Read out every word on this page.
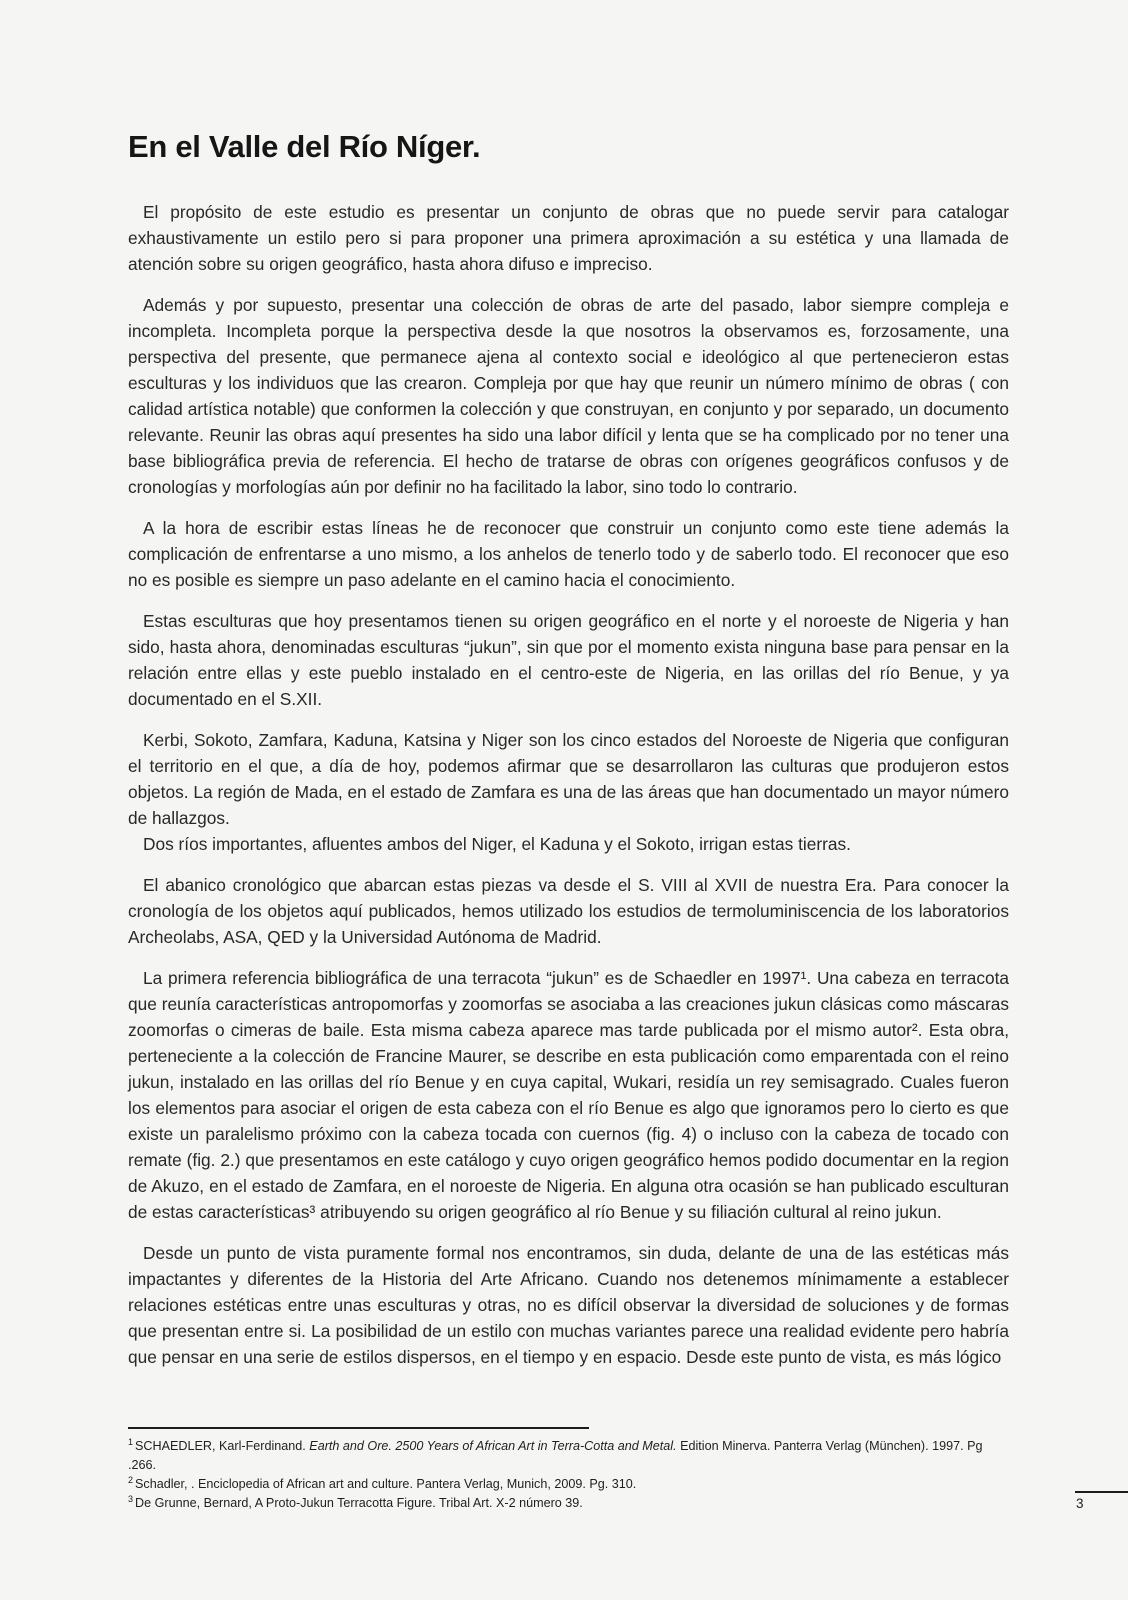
En el Valle del Río Níger.

El propósito de este estudio es presentar un conjunto de obras que no puede servir para catalogar exhaustivamente un estilo pero si para proponer una primera aproximación a su estética y una llamada de atención sobre su origen geográfico, hasta ahora difuso e impreciso.

Además y por supuesto, presentar una colección de obras de arte del pasado, labor siempre compleja e incompleta. Incompleta porque la perspectiva desde la que nosotros la observamos es, forzosamente, una perspectiva del presente, que permanece ajena al contexto social e ideológico al que pertenecieron estas esculturas y los individuos que las crearon. Compleja por que hay que reunir un número mínimo de obras ( con calidad artística notable) que conformen la colección y que construyan, en conjunto y por separado, un documento relevante. Reunir las obras aquí presentes ha sido una labor difícil y lenta que se ha complicado por no tener una base bibliográfica previa de referencia. El hecho de tratarse de obras con orígenes geográficos confusos y de cronologías y morfologías aún por definir no ha facilitado la labor, sino todo lo contrario.

A la hora de escribir estas líneas he de reconocer que construir un conjunto como este tiene además la complicación de enfrentarse a uno mismo, a los anhelos de tenerlo todo y de saberlo todo. El reconocer que eso no es posible es siempre un paso adelante en el camino hacia el conocimiento.

Estas esculturas que hoy presentamos tienen su origen geográfico en el norte y el noroeste de Nigeria y han sido, hasta ahora, denominadas esculturas “jukun”, sin que por el momento exista ninguna base para pensar en la relación entre ellas y este pueblo instalado en el centro-este de Nigeria, en las orillas del río Benue, y ya documentado en el S.XII.

Kerbi, Sokoto, Zamfara, Kaduna, Katsina y Niger son los cinco estados del Noroeste de Nigeria que configuran el territorio en el que, a día de hoy, podemos afirmar que se desarrollaron las culturas que produjeron estos objetos. La región de Mada, en el estado de Zamfara es una de las áreas que han documentado un mayor número de hallazgos.

Dos ríos importantes, afluentes ambos del Niger, el Kaduna y el Sokoto, irrigan estas tierras.

El abanico cronológico que abarcan estas piezas va desde el S. VIII al XVII de nuestra Era. Para conocer la cronología de los objetos aquí publicados, hemos utilizado los estudios de termoluminiscencia de los laboratorios Archeolabs, ASA, QED y la Universidad Autónoma de Madrid.

La primera referencia bibliográfica de una terracota “jukun” es de Schaedler en 1997¹. Una cabeza en terracota que reunía características antropomorfas y zoomorfas se asociaba a las creaciones jukun clásicas como máscaras zoomorfas o cimeras de baile. Esta misma cabeza aparece mas tarde publicada por el mismo autor². Esta obra, perteneciente a la colección de Francine Maurer, se describe en esta publicación como emparentada con el reino jukun, instalado en las orillas del río Benue y en cuya capital, Wukari, residía un rey semisagrado. Cuales fueron los elementos para asociar el origen de esta cabeza con el río Benue es algo que ignoramos pero lo cierto es que existe un paralelismo próximo con la cabeza tocada con cuernos (fig. 4) o incluso con la cabeza de tocado con remate (fig. 2.) que presentamos en este catálogo y cuyo origen geográfico hemos podido documentar en la region de Akuzo, en el estado de Zamfara, en el noroeste de Nigeria. En alguna otra ocasión se han publicado esculturan de estas características³ atribuyendo su origen geográfico al río Benue y su filiación cultural al reino jukun.

Desde un punto de vista puramente formal nos encontramos, sin duda, delante de una de las estéticas más impactantes y diferentes de la Historia del Arte Africano. Cuando nos detenemos mínimamente a establecer relaciones estéticas entre unas esculturas y otras, no es difícil observar la diversidad de soluciones y de formas que presentan entre si. La posibilidad de un estilo con muchas variantes parece una realidad evidente pero habría que pensar en una serie de estilos dispersos, en el tiempo y en espacio. Desde este punto de vista, es más lógico

$^1$ SCHAEDLER, Karl-Ferdinand. Earth and Ore. 2500 Years of African Art in Terra-Cotta and Metal. Edition Minerva. Panterra Verlag (München). 1997. Pg .266.
$^2$ Schadler, . Enciclopedia of African art and culture. Pantera Verlag, Munich, 2009. Pg. 310.
$^3$ De Grunne, Bernard, A Proto-Jukun Terracotta Figure. Tribal Art. X-2 número 39.	3
